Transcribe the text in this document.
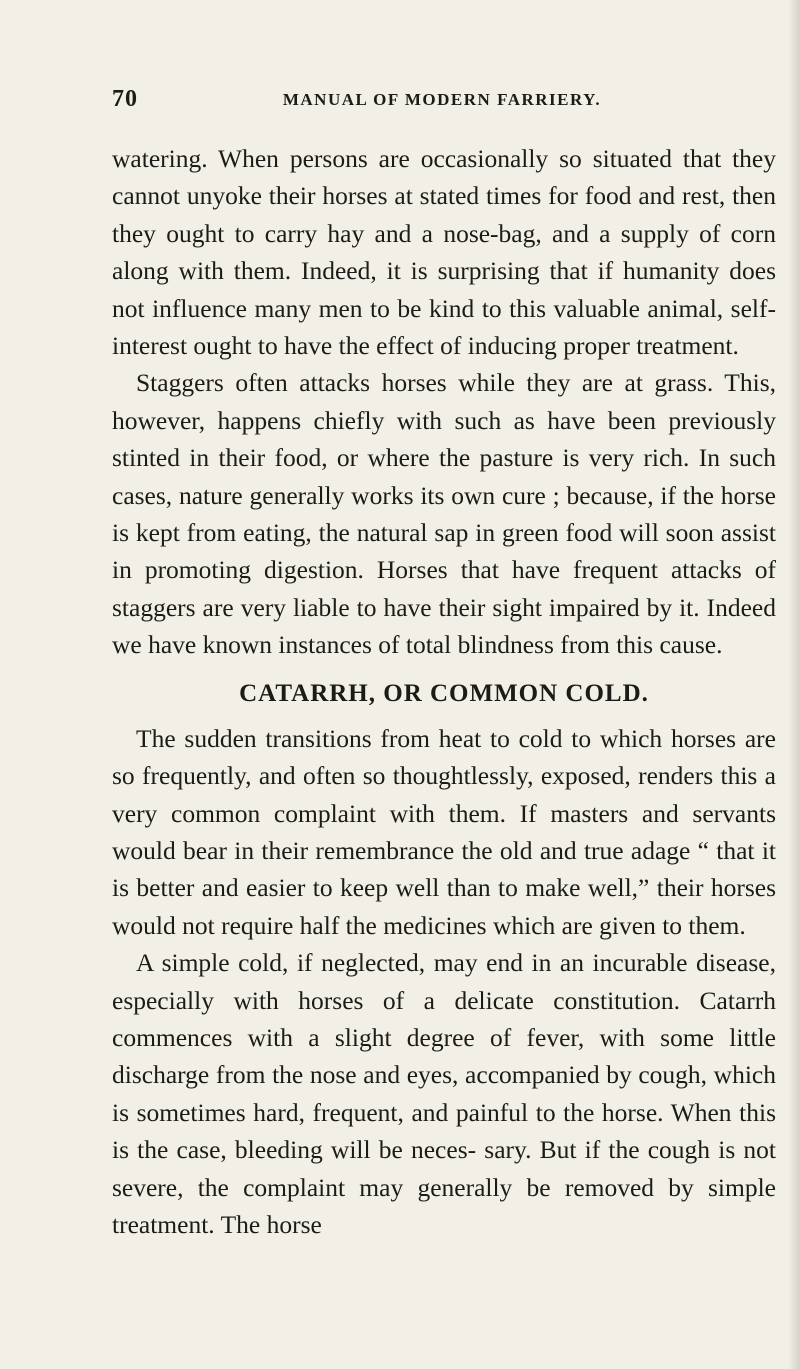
70	MANUAL OF MODERN FARRIERY.

watering. When persons are occasionally so situated that they cannot unyoke their horses at stated times for food and rest, then they ought to carry hay and a nose-bag, and a supply of corn along with them. Indeed, it is surprising that if humanity does not influence many men to be kind to this valuable animal, self-interest ought to have the effect of inducing proper treatment.

Staggers often attacks horses while they are at grass. This, however, happens chiefly with such as have been previously stinted in their food, or where the pasture is very rich. In such cases, nature generally works its own cure ; because, if the horse is kept from eating, the natural sap in green food will soon assist in promoting digestion. Horses that have frequent attacks of staggers are very liable to have their sight impaired by it. Indeed we have known instances of total blindness from this cause.

CATARRH, OR COMMON COLD.

The sudden transitions from heat to cold to which horses are so frequently, and often so thoughtlessly, exposed, renders this a very common complaint with them. If masters and servants would bear in their remembrance the old and true adage “ that it is better and easier to keep well than to make well,” their horses would not require half the medicines which are given to them.

A simple cold, if neglected, may end in an incurable disease, especially with horses of a delicate constitution. Catarrh commences with a slight degree of fever, with some little discharge from the nose and eyes, accompanied by cough, which is sometimes hard, frequent, and painful to the horse. When this is the case, bleeding will be neces- sary. But if the cough is not severe, the complaint may generally be removed by simple treatment. The horse
